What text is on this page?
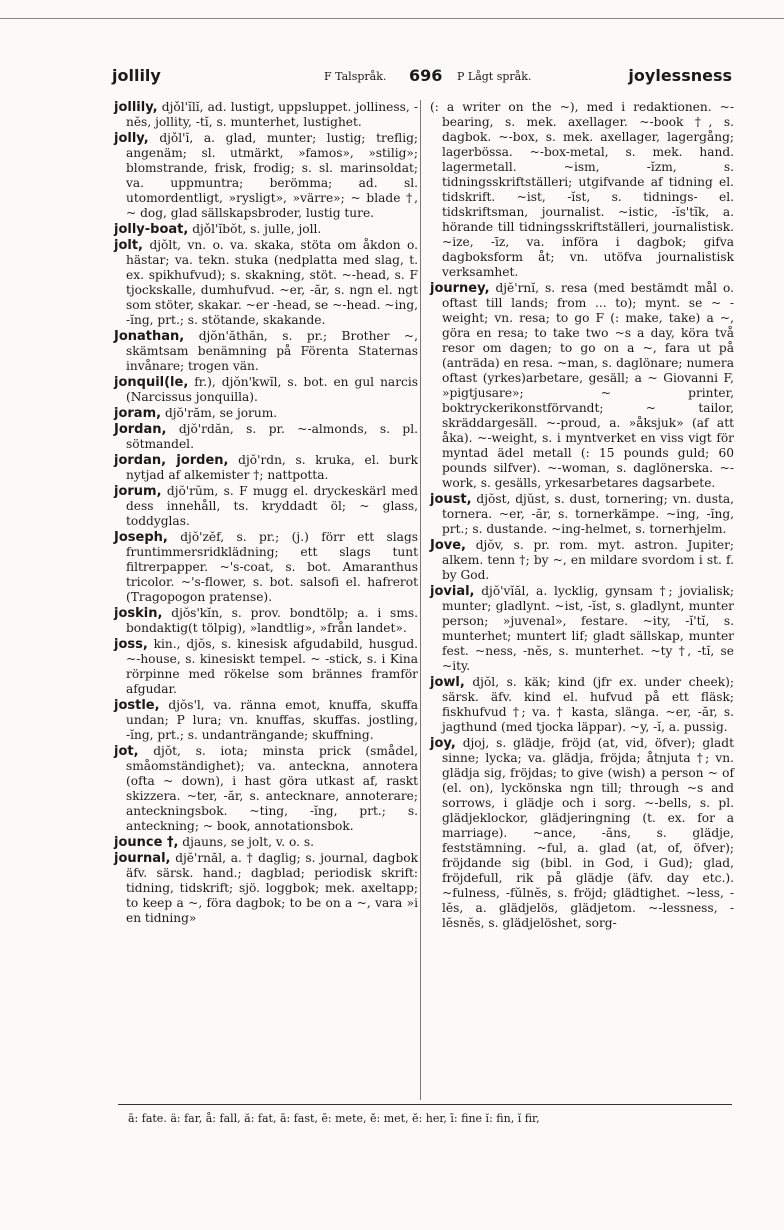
jollily	F Talspråk. 696 P Lågt språk.	joylessness

jollily, djǒl'ĭlĭ, ad. lustigt, uppsluppet. jolliness, -nĕs, jollity, -tĭ, s. munterhet, lustighet.

jolly, djǒl'ĭ, a. glad, munter; lustig; treflig; angenäm; sl. utmärkt, »famos», »stilig»; blomstrande, frisk, frodig; s. sl. marinsoldat; va. uppmuntra; berömma; ad. sl. utomordentligt, »rysligt», »värre»; ~ blade †, ~ dog, glad sällskapsbroder, lustig ture.

jolly-boat, djǒl'ĭbŏt, s. julle, joll.

jolt, djŏlt, vn. o. va. skaka, stöta om åkdon o. hästar; va. tekn. stuka (nedplatta med slag, t. ex. spikhufvud); s. skakning, stöt. ~-head, s. F tjockskalle, dumhufvud. ~er, -ăr, s. ngn el. ngt som stöter, skakar. ~er -head, se ~-head. ~ing, -ĭng, prt.; s. stötande, skakande.

Jonathan, djŏn'ăthăn, s. pr.; Brother ~, skämtsam benämning på Förenta Staternas invånare; trogen vän.

jonquil(le, fr.), djŏn'kwĭl, s. bot. en gul narcis (Narcissus jonquilla).

joram, djŏ'răm, se jorum.

Jordan, djŏ'rdăn, s. pr. ~-almonds, s. pl. sötmandel.

jordan, jorden, djŏ'rdn, s. kruka, el. burk nytjad af alkemister †; nattpotta.

jorum, djŏ'rŭm, s. F mugg el. dryckeskärl med dess innehåll, ts. kryddadt öl; ~ glass, toddyglas.

Joseph, djŏ'zĕf, s. pr.; (j.) förr ett slags fruntimmersridklädning; ett slags tunt filtrerpapper. ~'s-coat, s. bot. Amaranthus tricolor. ~'s-flower, s. bot. salsofi el. hafrerot (Tragopogon pratense).

joskin, djŏs'kĭn, s. prov. bondtölp; a. i sms. bondaktig(t tölpig), »landtlig», »från landet».

joss, kin., djŏs, s. kinesisk afgudabild, husgud. ~-house, s. kinesiskt tempel. ~ -stick, s. i Kina rörpinne med rökelse som brännes framför afgudar.

jostle, djŏs'l, va. ränna emot, knuffa, skuffa undan; P lura; vn. knuffas, skuffas. jostling, -ĭng, prt.; s. undanträngande; skuffning.

jot, djŏt, s. iota; minsta prick (smådel, småomständighet); va. anteckna, annotera (ofta ~ down), i hast göra utkast af, raskt skizzera. ~ter, -ăr, s. antecknare, annoterare; anteckningsbok. ~ting, -ĭng, prt.; s. anteckning; ~ book, annotationsbok.

jounce †, djauns, se jolt, v. o. s.

journal, djĕ'rnăl, a. † daglig; s. journal, dagbok äfv. särsk. hand.; dagblad; periodisk skrift: tidning, tidskrift; sjö. loggbok; mek. axeltapp; to keep a ~, föra dagbok; to be on a ~, vara »i en tidning»

(: a writer on the ~), med i redaktionen. ~-bearing, s. mek. axellager. ~-book †, s. dagbok. ~-box, s. mek. axellager, lagergång; lagerbössa. ~-box-metal, s. mek. hand. lagermetall. ~ism, -ĭzm, s. tidningsskriftställeri; utgifvande af tidning el. tidskrift. ~ist, -ĭst, s. tidnings- el. tidskriftsman, journalist. ~istic, -ĭs'tĭk, a. hörande till tidningsskriftställeri, journalistisk. ~ize, -īz, va. införa i dagbok; gifva dagboksform åt; vn. utöfva journalistisk verksamhet.

journey, djĕ'rnĭ, s. resa (med bestämdt mål o. oftast till lands; from ... to); mynt. se ~ -weight; vn. resa; to go F (: make, take) a ~, göra en resa; to take two ~s a day, köra två resor om dagen; to go on a ~, fara ut på (anträda) en resa. ~man, s. daglönare; numera oftast (yrkes)arbetare, gesäll; a ~ Giovanni F, »pigtjusare»; ~ printer, boktryckerikonstförvandt; ~ tailor, skräddargesäll. ~-proud, a. »åksjuk» (af att åka). ~-weight, s. i myntverket en viss vigt för myntad ädel metall (: 15 pounds guld; 60 pounds silfver). ~-woman, s. daglönerska. ~-work, s. gesälls, yrkesarbetares dagsarbete.

joust, djŏst, djŭst, s. dust, tornering; vn. dusta, tornera. ~er, -ăr, s. tornerkämpe. ~ing, -ĭng, prt.; s. dustande. ~ing-helmet, s. tornerhjelm.

Jove, djŏv, s. pr. rom. myt. astron. Jupiter; alkem. tenn †; by ~, en mildare svordom i st. f. by God.

jovial, djŏ'vĭăl, a. lycklig, gynsam †; jovialisk; munter; gladlynt. ~ist, -ĭst, s. gladlynt, munter person; »juvenal», festare. ~ity, -ĭ'tĭ, s. munterhet; muntert lif; gladt sällskap, munter fest. ~ness, -nĕs, s. munterhet. ~ty †, -tĭ, se ~ity.

jowl, djŏl, s. käk; kind (jfr ex. under cheek); särsk. äfv. kind el. hufvud på ett fläsk; fiskhufvud †; va. † kasta, slänga. ~er, -ăr, s. jagthund (med tjocka läppar). ~y, -ĭ, a. pussig.

joy, djoj, s. glädje, fröjd (at, vid, öfver); gladt sinne; lycka; va. glädja, fröjda; åtnjuta †; vn. glädja sig, fröjdas; to give (wish) a person ~ of (el. on), lyckönska ngn till; through ~s and sorrows, i glädje och i sorg. ~-bells, s. pl. glädjeklockor, glädjeringning (t. ex. for a marriage). ~ance, -ăns, s. glädje, feststämning. ~ful, a. glad (at, of, öfver); fröjdande sig (bibl. in God, i Gud); glad, fröjdefull, rik på glädje (äfv. day etc.). ~fulness, -fŭlnĕs, s. fröjd; glädtighet. ~less, -lĕs, a. glädjelös, glädjetom. ~-lessness, -lĕsnĕs, s. glädjelöshet, sorg-

ā: fate. ä: far, å: fall, ă: fat, ā: fast, ē: mete, ĕ: met, ĕ: her, ī: fine ĭ: fin, ĭ fir,
